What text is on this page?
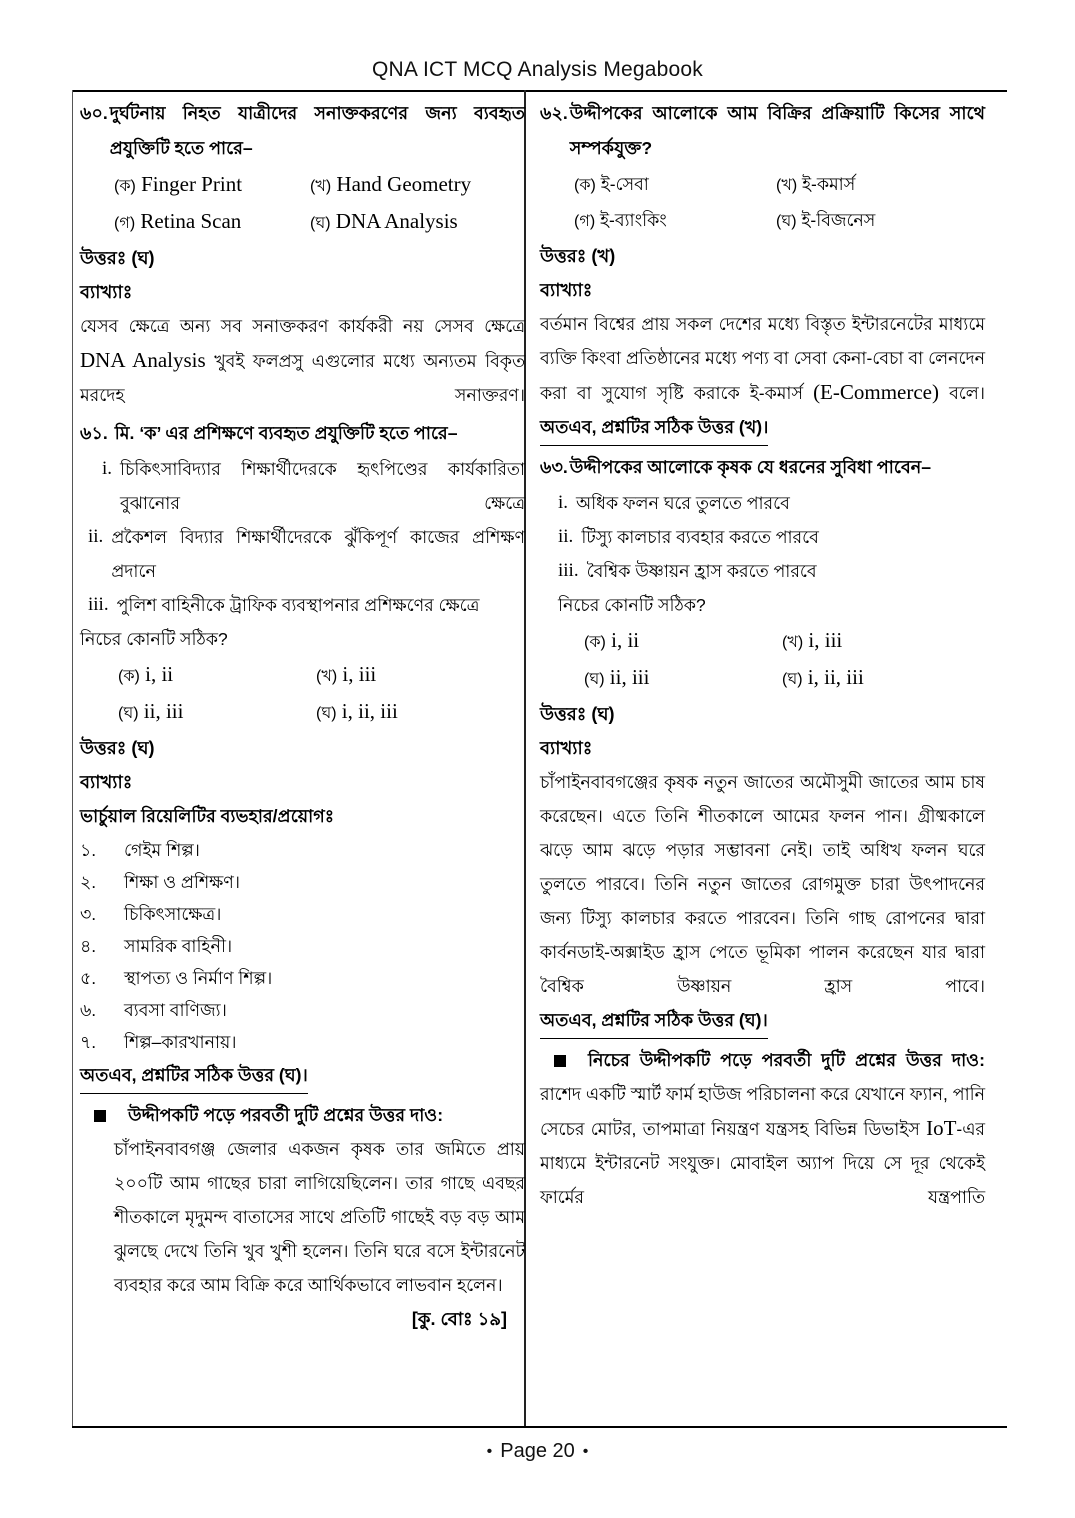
QNA ICT MCQ Analysis Megabook
৬০. দুর্ঘটনায় নিহত যাত্রীদের সনাক্তকরণের জন্য ব্যবহৃত প্রযুক্তিটি হতে পারে–
(ক) Finger Print	(খ) Hand Geometry
(গ) Retina Scan	(ঘ) DNA Analysis
উত্তরঃ (ঘ)
ব্যাখ্যাঃ
যেসব ক্ষেত্রে অন্য সব সনাক্তকরণ কার্যকরী নয় সেসব ক্ষেত্রে DNA Analysis খুবই ফলপ্রসু এগুলোর মধ্যে অন্যতম বিকৃত মরদেহ সনাক্তরণ।
৬১. মি. ‘ক’ এর প্রশিক্ষণে ব্যবহৃত প্রযুক্তিটি হতে পারে–
i. চিকিৎসাবিদ্যার শিক্ষার্থীদেরকে হৃৎপিণ্ডের কার্যকারিতা বুঝানোর ক্ষেত্রে
ii. প্রকৈশল বিদ্যার শিক্ষার্থীদেরকে ঝুঁকিপূর্ণ কাজের প্রশিক্ষণ প্রদানে
iii. পুলিশ বাহিনীকে ট্রাফিক ব্যবস্থাপনার প্রশিক্ষণের ক্ষেত্রে
নিচের কোনটি সঠিক?
(ক) i, ii	(খ) i, iii
(ঘ) ii, iii	(ঘ) i, ii, iii
উত্তরঃ (ঘ)
ব্যাখ্যাঃ
ভার্চুয়াল রিয়েলিটির ব্যভহার/প্রয়োগঃ
১.	গেইম শিল্প।
২.	শিক্ষা ও প্রশিক্ষণ।
৩.	চিকিৎসাক্ষেত্র।
৪.	সামরিক বাহিনী।
৫.	স্থাপত্য ও নির্মাণ শিল্প।
৬.	ব্যবসা বাণিজ্য।
৭.	শিল্প–কারখানায়।
অতএব, প্রশ্নটির সঠিক উত্তর (ঘ)।
উদ্দীপকটি পড়ে পরবর্তী দুটি প্রশ্নের উত্তর দাও:
চাঁপাইনবাবগঞ্জ জেলার একজন কৃষক তার জমিতে প্রায় ২০০টি আম গাছের চারা লাগিয়েছিলেন। তার গাছে এবছর শীতকালে মৃদুমন্দ বাতাসের সাথে প্রতিটি গাছেই বড় বড় আম ঝুলছে দেখে তিনি খুব খুশী হলেন। তিনি ঘরে বসে ইন্টারনেট ব্যবহার করে আম বিক্রি করে আর্থিকভাবে লাভবান হলেন।
[কু. বোঃ ১৯]
৬২. উদ্দীপকের আলোকে আম বিক্রির প্রক্রিয়াটি কিসের সাথে সম্পর্কযুক্ত?
(ক) ই-সেবা	(খ) ই-কমার্স
(গ) ই-ব্যাংকিং	(ঘ) ই-বিজনেস
উত্তরঃ (খ)
ব্যাখ্যাঃ
বর্তমান বিশ্বের প্রায় সকল দেশের মধ্যে বিস্তৃত ইন্টারনেটের মাধ্যমে ব্যক্তি কিংবা প্রতিষ্ঠানের মধ্যে পণ্য বা সেবা কেনা-বেচা বা লেনদেন করা বা সুযোগ সৃষ্টি করাকে ই-কমার্স (E-Commerce) বলে।
অতএব, প্রশ্নটির সঠিক উত্তর (খ)।
৬৩. উদ্দীপকের আলোকে কৃষক যে ধরনের সুবিধা পাবেন–
i. অধিক ফলন ঘরে তুলতে পারবে
ii. টিস্যু কালচার ব্যবহার করতে পারবে
iii. বৈশ্বিক উষ্ণায়ন হ্রাস করতে পারবে
নিচের কোনটি সঠিক?
(ক) i, ii	(খ) i, iii
(ঘ) ii, iii	(ঘ) i, ii, iii
উত্তরঃ (ঘ)
ব্যাখ্যাঃ
চাঁপাইনবাবগঞ্জের কৃষক নতুন জাতের অমৌসুমী জাতের আম চাষ করেছেন। এতে তিনি শীতকালে আমের ফলন পান। গ্রীষ্মকালে ঝড়ে আম ঝড়ে পড়ার সম্ভাবনা নেই। তাই অধিখ ফলন ঘরে তুলতে পারবে। তিনি নতুন জাতের রোগমুক্ত চারা উৎপাদনের জন্য টিস্যু কালচার করতে পারবেন। তিনি গাছ রোপনের দ্বারা কার্বনডাই-অক্সাইড হ্রাস পেতে ভূমিকা পালন করেছেন যার দ্বারা বৈশ্বিক উষ্ণায়ন হ্রাস পাবে।
অতএব, প্রশ্নটির সঠিক উত্তর (ঘ)।
নিচের উদ্দীপকটি পড়ে পরবর্তী দুটি প্রশ্নের উত্তর দাও:
রাশেদ একটি স্মার্ট ফার্ম হাউজ পরিচালনা করে যেখানে ফ্যান, পানি সেচের মোটর, তাপমাত্রা নিয়ন্ত্রণ যন্ত্রসহ বিভিন্ন ডিভাইস IoT-এর মাধ্যমে ইন্টারনেট সংযুক্ত। মোবাইল অ্যাপ দিয়ে সে দূর থেকেই ফার্মের যন্ত্রপাতি
• Page 20 •
